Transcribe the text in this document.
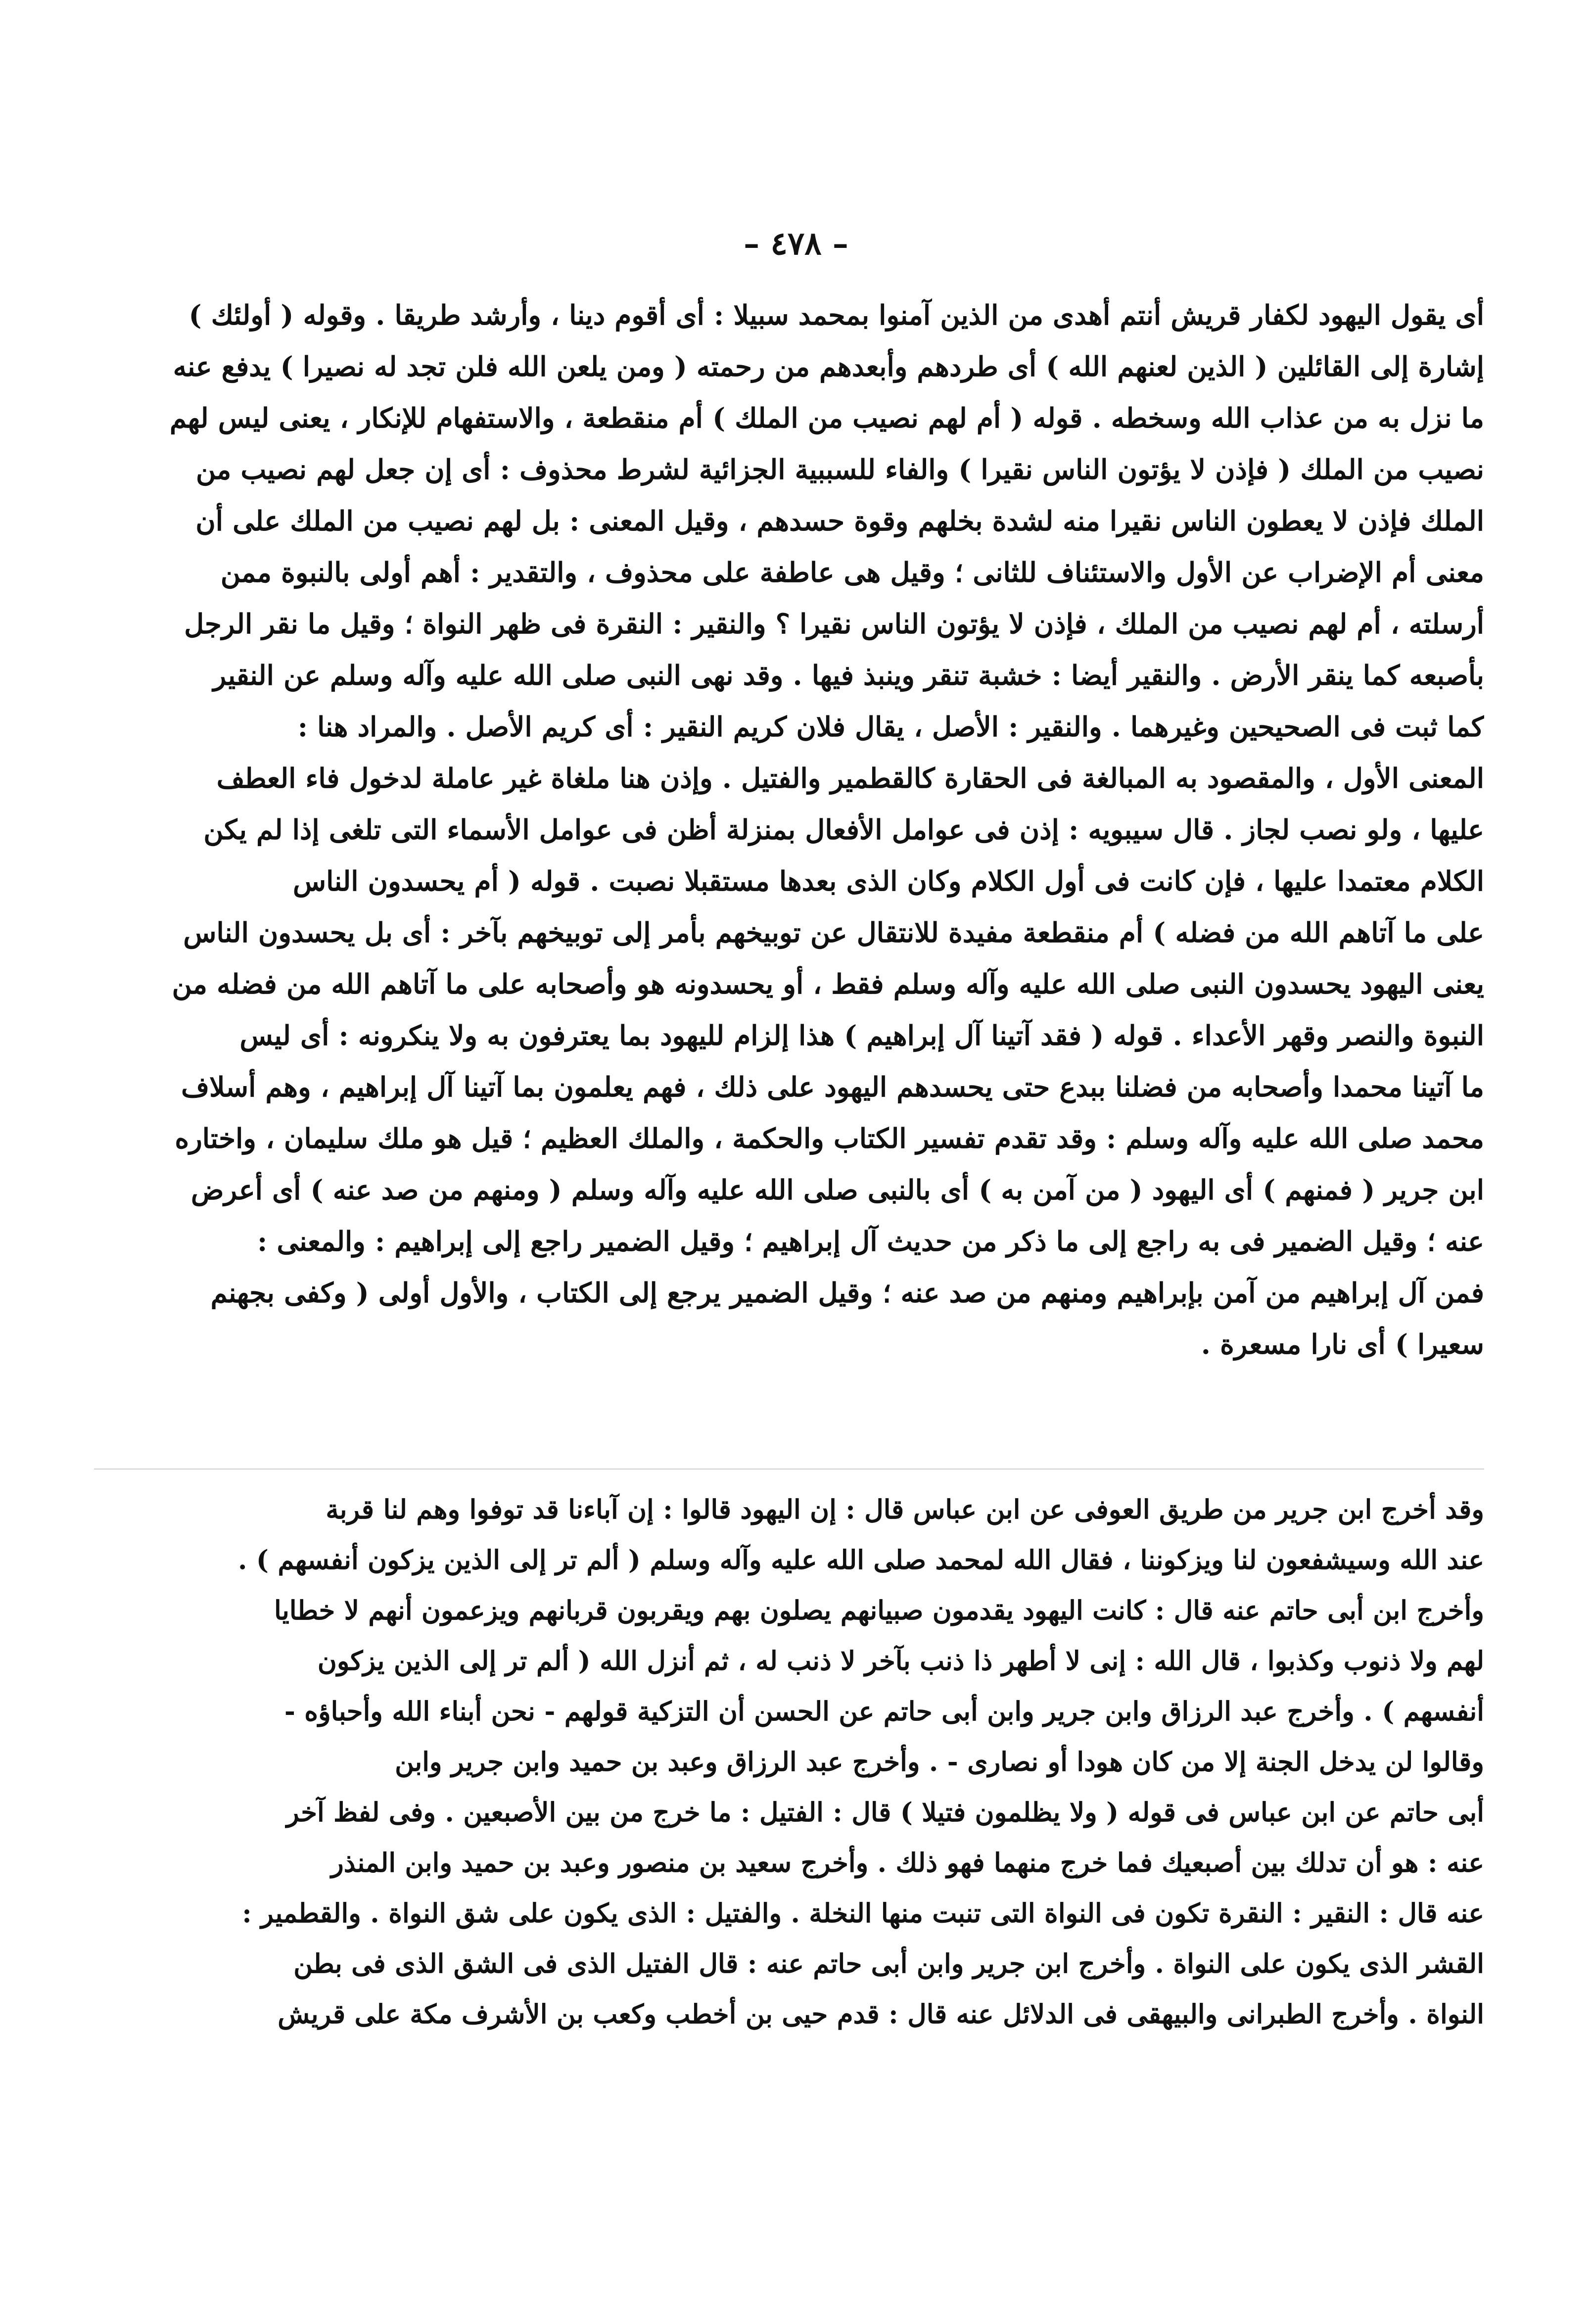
– ٤٧٨ –
أى يقول اليهود لكفار قريش أنتم أهدى من الذين آمنوا بمحمد سبيلا : أى أقوم دينا ، وأرشد طريقا . وقوله ( أولئك )
إشارة إلى القائلين ( الذين لعنهم الله ) أى طردهم وأبعدهم من رحمته ( ومن يلعن الله فلن تجد له نصيرا ) يدفع عنه
ما نزل به من عذاب الله وسخطه . قوله ( أم لهم نصيب من الملك ) أم منقطعة ، والاستفهام للإنكار ، يعنى ليس لهم
نصيب من الملك ( فإذن لا يؤتون الناس نقيرا ) والفاء للسببية الجزائية لشرط محذوف : أى إن جعل لهم نصيب من
الملك فإذن لا يعطون الناس نقيرا منه لشدة بخلهم وقوة حسدهم ، وقيل المعنى : بل لهم نصيب من الملك على أن
معنى أم الإضراب عن الأول والاستئناف للثانى ؛ وقيل هى عاطفة على محذوف ، والتقدير : أهم أولى بالنبوة ممن
أرسلته ، أم لهم نصيب من الملك ، فإذن لا يؤتون الناس نقيرا ؟ والنقير : النقرة فى ظهر النواة ؛ وقيل ما نقر الرجل
بأصبعه كما ينقر الأرض . والنقير أيضا : خشبة تنقر وينبذ فيها . وقد نهى النبى صلى الله عليه وآله وسلم عن النقير
كما ثبت فى الصحيحين وغيرهما . والنقير : الأصل ، يقال فلان كريم النقير : أى كريم الأصل . والمراد هنا :
المعنى الأول ، والمقصود به المبالغة فى الحقارة كالقطمير والفتيل . وإذن هنا ملغاة غير عاملة لدخول فاء العطف
عليها ، ولو نصب لجاز . قال سيبويه : إذن فى عوامل الأفعال بمنزلة أظن فى عوامل الأسماء التى تلغى إذا لم يكن
الكلام معتمدا عليها ، فإن كانت فى أول الكلام وكان الذى بعدها مستقبلا نصبت . قوله ( أم يحسدون الناس
على ما آتاهم الله من فضله ) أم منقطعة مفيدة للانتقال عن توبيخهم بأمر إلى توبيخهم بآخر : أى بل يحسدون الناس
يعنى اليهود يحسدون النبى صلى الله عليه وآله وسلم فقط ، أو يحسدونه هو وأصحابه على ما آتاهم الله من فضله من
النبوة والنصر وقهر الأعداء . قوله ( فقد آتينا آل إبراهيم ) هذا إلزام لليهود بما يعترفون به ولا ينكرونه : أى ليس
ما آتينا محمدا وأصحابه من فضلنا ببدع حتى يحسدهم اليهود على ذلك ، فهم يعلمون بما آتينا آل إبراهيم ، وهم أسلاف
محمد صلى الله عليه وآله وسلم : وقد تقدم تفسير الكتاب والحكمة ، والملك العظيم ؛ قيل هو ملك سليمان ، واختاره
ابن جرير ( فمنهم ) أى اليهود ( من آمن به ) أى بالنبى صلى الله عليه وآله وسلم ( ومنهم من صد عنه ) أى أعرض
عنه ؛ وقيل الضمير فى به راجع إلى ما ذكر من حديث آل إبراهيم ؛ وقيل الضمير راجع إلى إبراهيم : والمعنى :
فمن آل إبراهيم من آمن بإبراهيم ومنهم من صد عنه ؛ وقيل الضمير يرجع إلى الكتاب ، والأول أولى ( وكفى بجهنم
سعيرا ) أى نارا مسعرة .
وقد أخرج ابن جرير من طريق العوفى عن ابن عباس قال : إن اليهود قالوا : إن آباءنا قد توفوا وهم لنا قربة
عند الله وسيشفعون لنا ويزكوننا ، فقال الله لمحمد صلى الله عليه وآله وسلم ( ألم تر إلى الذين يزكون أنفسهم ) .
وأخرج ابن أبى حاتم عنه قال : كانت اليهود يقدمون صبيانهم يصلون بهم ويقربون قربانهم ويزعمون أنهم لا خطايا
لهم ولا ذنوب وكذبوا ، قال الله : إنى لا أطهر ذا ذنب بآخر لا ذنب له ، ثم أنزل الله ( ألم تر إلى الذين يزكون
أنفسهم ) . وأخرج عبد الرزاق وابن جرير وابن أبى حاتم عن الحسن أن التزكية قولهم - نحن أبناء الله وأحباؤه -
وقالوا لن يدخل الجنة إلا من كان هودا أو نصارى - . وأخرج عبد الرزاق وعبد بن حميد وابن جرير وابن
أبى حاتم عن ابن عباس فى قوله ( ولا يظلمون فتيلا ) قال : الفتيل : ما خرج من بين الأصبعين . وفى لفظ آخر
عنه : هو أن تدلك بين أصبعيك فما خرج منهما فهو ذلك . وأخرج سعيد بن منصور وعبد بن حميد وابن المنذر
عنه قال : النقير : النقرة تكون فى النواة التى تنبت منها النخلة . والفتيل : الذى يكون على شق النواة . والقطمير :
القشر الذى يكون على النواة . وأخرج ابن جرير وابن أبى حاتم عنه : قال الفتيل الذى فى الشق الذى فى بطن
النواة . وأخرج الطبرانى والبيهقى فى الدلائل عنه قال : قدم حيى بن أخطب وكعب بن الأشرف مكة على قريش
